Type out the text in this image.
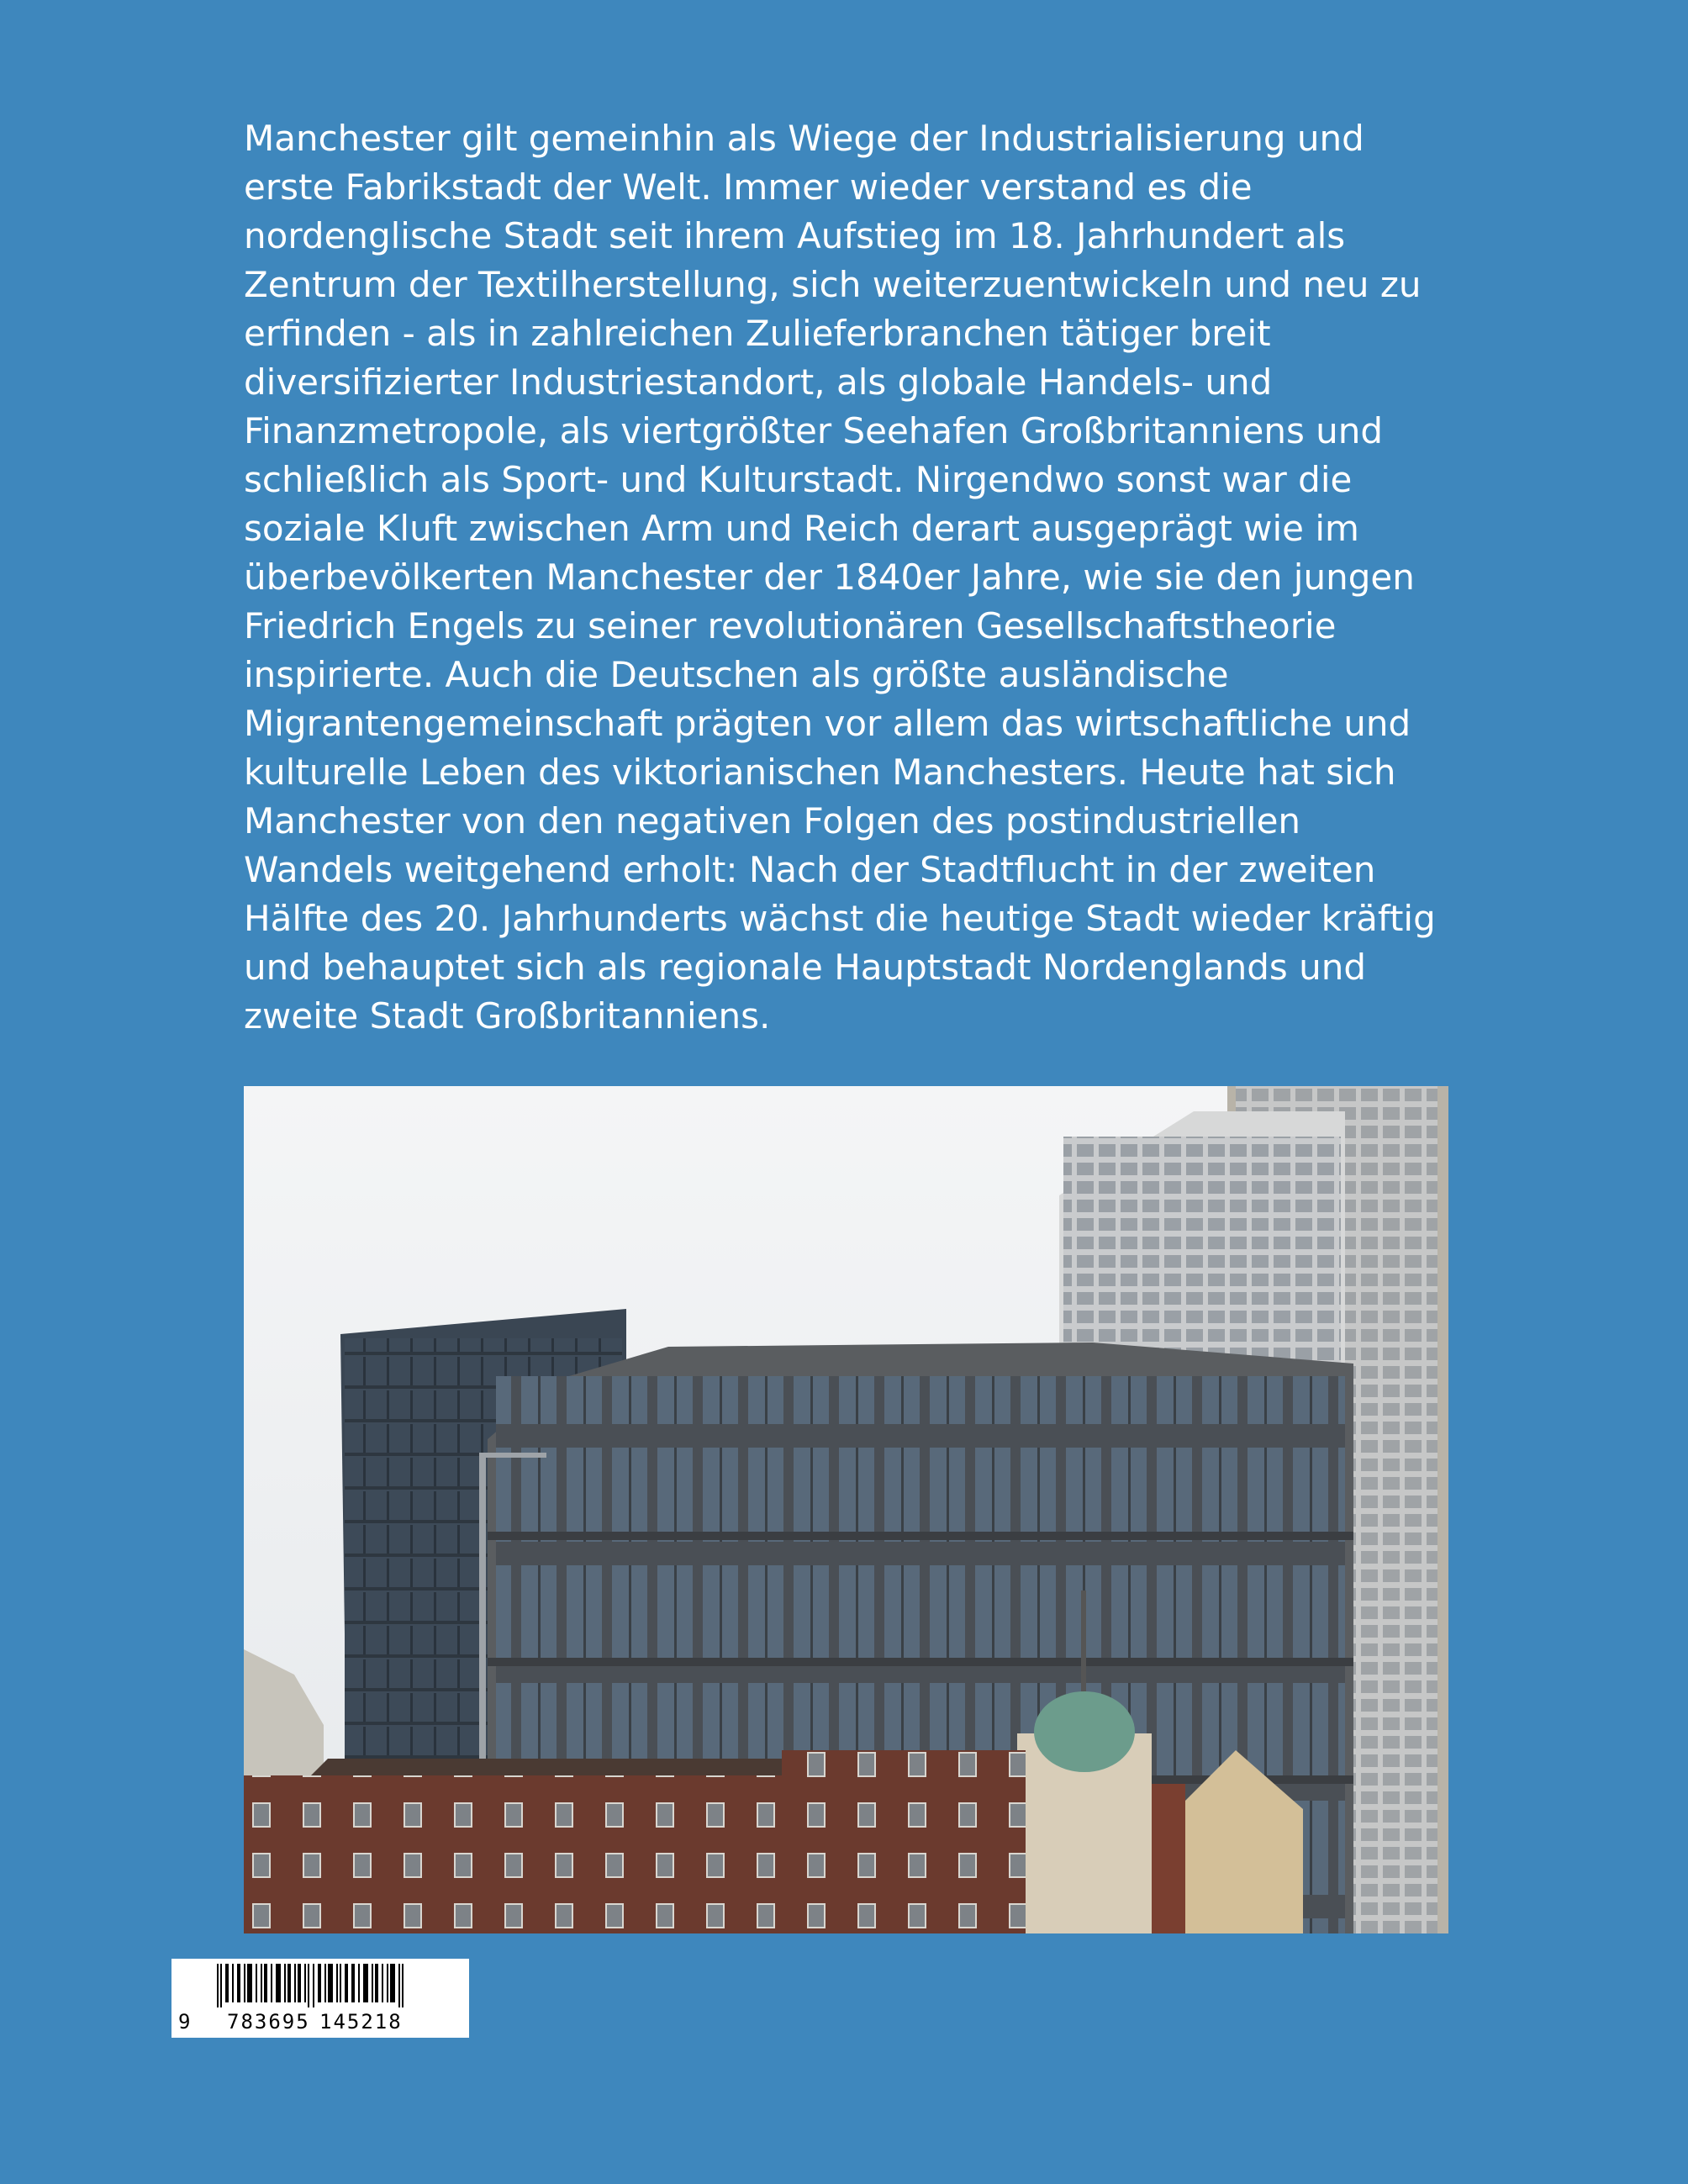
Manchester gilt gemeinhin als Wiege der Industrialisierung und
erste Fabrikstadt der Welt. Immer wieder verstand es die
nordenglische Stadt seit ihrem Aufstieg im 18. Jahrhundert als
Zentrum der Textilherstellung, sich weiterzuentwickeln und neu zu
erfinden - als in zahlreichen Zulieferbranchen tätiger breit
diversifizierter Industriestandort, als globale Handels- und
Finanzmetropole, als viertgrößter Seehafen Großbritanniens und
schließlich als Sport- und Kulturstadt. Nirgendwo sonst war die
soziale Kluft zwischen Arm und Reich derart ausgeprägt wie im
überbevölkerten Manchester der 1840er Jahre, wie sie den jungen
Friedrich Engels zu seiner revolutionären Gesellschaftstheorie
inspirierte. Auch die Deutschen als größte ausländische
Migrantengemeinschaft prägten vor allem das wirtschaftliche und
kulturelle Leben des viktorianischen Manchesters. Heute hat sich
Manchester von den negativen Folgen des postindustriellen
Wandels weitgehend erholt: Nach der Stadtflucht in der zweiten
Hälfte des 20. Jahrhunderts wächst die heutige Stadt wieder kräftig
und behauptet sich als regionale Hauptstadt Nordenglands und
zweite Stadt Großbritanniens.
9 783695 145218
